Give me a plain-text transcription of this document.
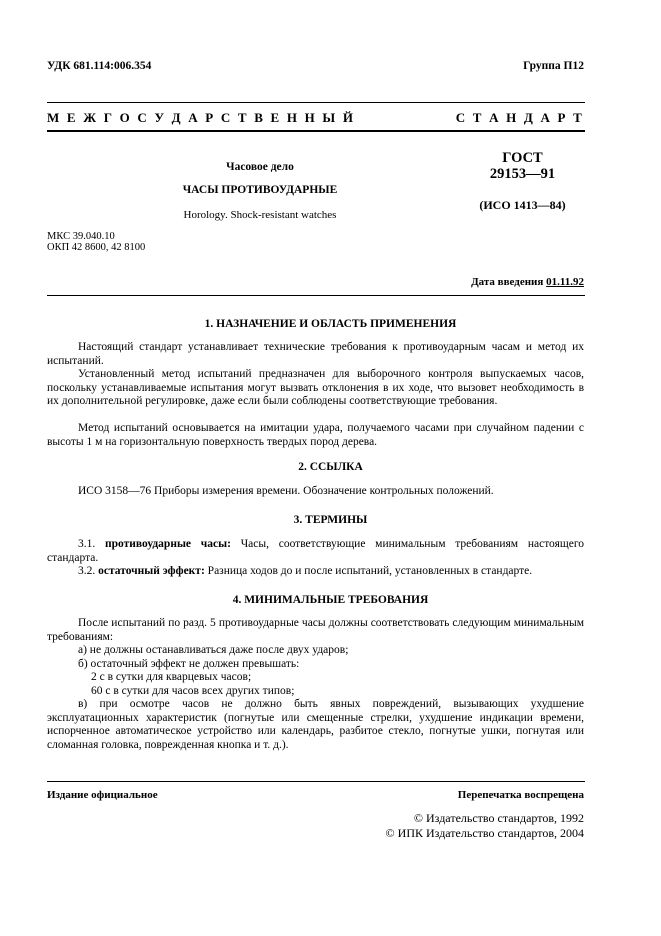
УДК 681.114:006.354	Группа П12
М Е Ж Г О С У Д А Р С Т В Е Н Н Ы Й	С Т А Н Д А Р Т
Часовое дело
ЧАСЫ ПРОТИВОУДАРНЫЕ
Horology. Shock-resistant watches
ГОСТ
29153—91
(ИСО 1413—84)
МКС 39.040.10
ОКП 42 8600, 42 8100
Дата введения 01.11.92
1. НАЗНАЧЕНИЕ И ОБЛАСТЬ ПРИМЕНЕНИЯ

Настоящий стандарт устанавливает технические требования к противоударным часам и метод их испытаний.

Установленный метод испытаний предназначен для выборочного контроля выпускаемых часов, поскольку устанавливаемые испытания могут вызвать отклонения в их ходе, что вызовет необходимость в их дополнительной регулировке, даже если были соблюдены соответствующие требования.

Метод испытаний основывается на имитации удара, получаемого часами при случайном падении с высоты 1 м на горизонтальную поверхность твердых пород дерева.

2. ССЫЛКА

ИСО 3158—76 Приборы измерения времени. Обозначение контрольных положений.

3. ТЕРМИНЫ

3.1. противоударные часы: Часы, соответствующие минимальным требованиям настоящего стандарта.

3.2. остаточный эффект: Разница ходов до и после испытаний, установленных в стандарте.

4. МИНИМАЛЬНЫЕ ТРЕБОВАНИЯ

После испытаний по разд. 5 противоударные часы должны соответствовать следующим минимальным требованиям:

а) не должны останавливаться даже после двух ударов;
б) остаточный эффект не должен превышать:
2 с в сутки для кварцевых часов;
60 с в сутки для часов всех других типов;

в) при осмотре часов не должно быть явных повреждений, вызывающих ухудшение эксплуатационных характеристик (погнутые или смещенные стрелки, ухудшение индикации времени, испорченное автоматическое устройство или календарь, разбитое стекло, погнутые ушки, погнутая или сломанная головка, поврежденная кнопка и т. д.).

Издание официальное	Перепечатка воспрещена
© Издательство стандартов, 1992
© ИПК Издательство стандартов, 2004
